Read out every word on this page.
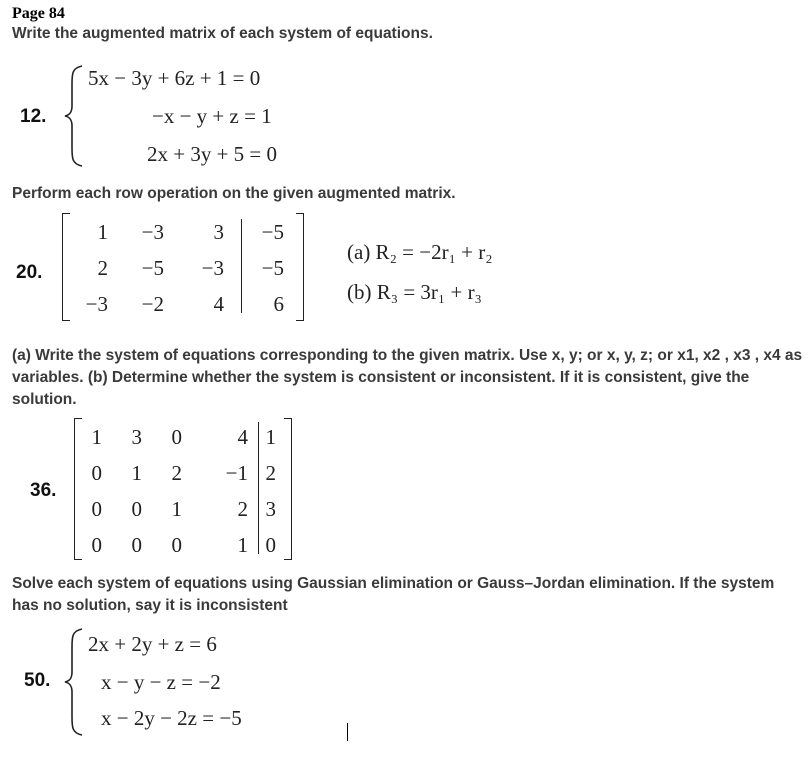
Page 84
Write the augmented matrix of each system of equations.
12.
5x − 3y + 6z + 1 = 0
−x − y + z = 1
2x + 3y + 5 = 0
Perform each row operation on the given augmented matrix.
20.
1	−3	3	−5
2	−5	−3	−5
−3	−2	4	6
(a) R₂ = −2r₁ + r₂
(b) R₃ = 3r₁ + r₃
(a) Write the system of equations corresponding to the given matrix. Use x, y; or x, y, z; or x1, x2 , x3 , x4 as variables. (b) Determine whether the system is consistent or inconsistent. If it is consistent, give the solution.
36.
1	3	0	4	1
0	1	2	−1	2
0	0	1	2	3
0	0	0	1	0
Solve each system of equations using Gaussian elimination or Gauss–Jordan elimination. If the system has no solution, say it is inconsistent
50.
2x + 2y + z = 6
x − y − z = −2
x − 2y − 2z = −5
